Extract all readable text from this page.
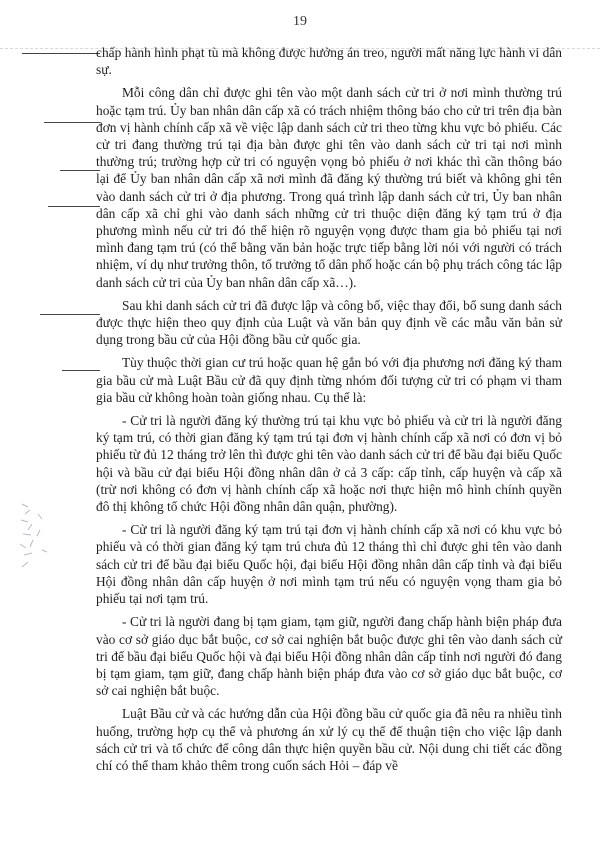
19

chấp hành hình phạt tù mà không được hưởng án treo, người mất năng lực hành vi dân sự.

Mỗi công dân chỉ được ghi tên vào một danh sách cử tri ở nơi mình thường trú hoặc tạm trú. Ủy ban nhân dân cấp xã có trách nhiệm thông báo cho cử tri trên địa bàn đơn vị hành chính cấp xã về việc lập danh sách cử tri theo từng khu vực bỏ phiếu. Các cử tri đang thường trú tại địa bàn được ghi tên vào danh sách cử tri tại nơi mình thường trú; trường hợp cử tri có nguyện vọng bỏ phiếu ở nơi khác thì cần thông báo lại để Ủy ban nhân dân cấp xã nơi mình đã đăng ký thường trú biết và không ghi tên vào danh sách cử tri ở địa phương. Trong quá trình lập danh sách cử tri, Ủy ban nhân dân cấp xã chỉ ghi vào danh sách những cử tri thuộc diện đăng ký tạm trú ở địa phương mình nếu cử tri đó thể hiện rõ nguyện vọng được tham gia bỏ phiếu tại nơi mình đang tạm trú (có thể bằng văn bản hoặc trực tiếp bằng lời nói với người có trách nhiệm, ví dụ như trưởng thôn, tổ trưởng tổ dân phố hoặc cán bộ phụ trách công tác lập danh sách cử tri của Ủy ban nhân dân cấp xã…).

Sau khi danh sách cử tri đã được lập và công bố, việc thay đổi, bổ sung danh sách được thực hiện theo quy định của Luật và văn bản quy định về các mẫu văn bản sử dụng trong bầu cử của Hội đồng bầu cử quốc gia.

Tùy thuộc thời gian cư trú hoặc quan hệ gắn bó với địa phương nơi đăng ký tham gia bầu cử mà Luật Bầu cử đã quy định từng nhóm đối tượng cử tri có phạm vi tham gia bầu cử không hoàn toàn giống nhau. Cụ thể là:

- Cử tri là người đăng ký thường trú tại khu vực bỏ phiếu và cử tri là người đăng ký tạm trú, có thời gian đăng ký tạm trú tại đơn vị hành chính cấp xã nơi có đơn vị bỏ phiếu từ đủ 12 tháng trở lên thì được ghi tên vào danh sách cử tri để bầu đại biểu Quốc hội và bầu cử đại biểu Hội đồng nhân dân ở cả 3 cấp: cấp tỉnh, cấp huyện và cấp xã (trừ nơi không có đơn vị hành chính cấp xã hoặc nơi thực hiện mô hình chính quyền đô thị không tổ chức Hội đồng nhân dân quận, phường).

- Cử tri là người đăng ký tạm trú tại đơn vị hành chính cấp xã nơi có khu vực bỏ phiếu và có thời gian đăng ký tạm trú chưa đủ 12 tháng thì chỉ được ghi tên vào danh sách cử tri để bầu đại biểu Quốc hội, đại biểu Hội đồng nhân dân cấp tỉnh và đại biểu Hội đồng nhân dân cấp huyện ở nơi mình tạm trú nếu có nguyện vọng tham gia bỏ phiếu tại nơi tạm trú.

- Cử tri là người đang bị tạm giam, tạm giữ, người đang chấp hành biện pháp đưa vào cơ sở giáo dục bắt buộc, cơ sở cai nghiện bắt buộc được ghi tên vào danh sách cử tri để bầu đại biểu Quốc hội và đại biểu Hội đồng nhân dân cấp tỉnh nơi người đó đang bị tạm giam, tạm giữ, đang chấp hành biện pháp đưa vào cơ sở giáo dục bắt buộc, cơ sở cai nghiện bắt buộc.

Luật Bầu cử và các hướng dẫn của Hội đồng bầu cử quốc gia đã nêu ra nhiều tình huống, trường hợp cụ thể và phương án xử lý cụ thể để thuận tiện cho việc lập danh sách cử tri và tổ chức để công dân thực hiện quyền bầu cử. Nội dung chi tiết các đồng chí có thể tham khảo thêm trong cuốn sách Hỏi – đáp về
